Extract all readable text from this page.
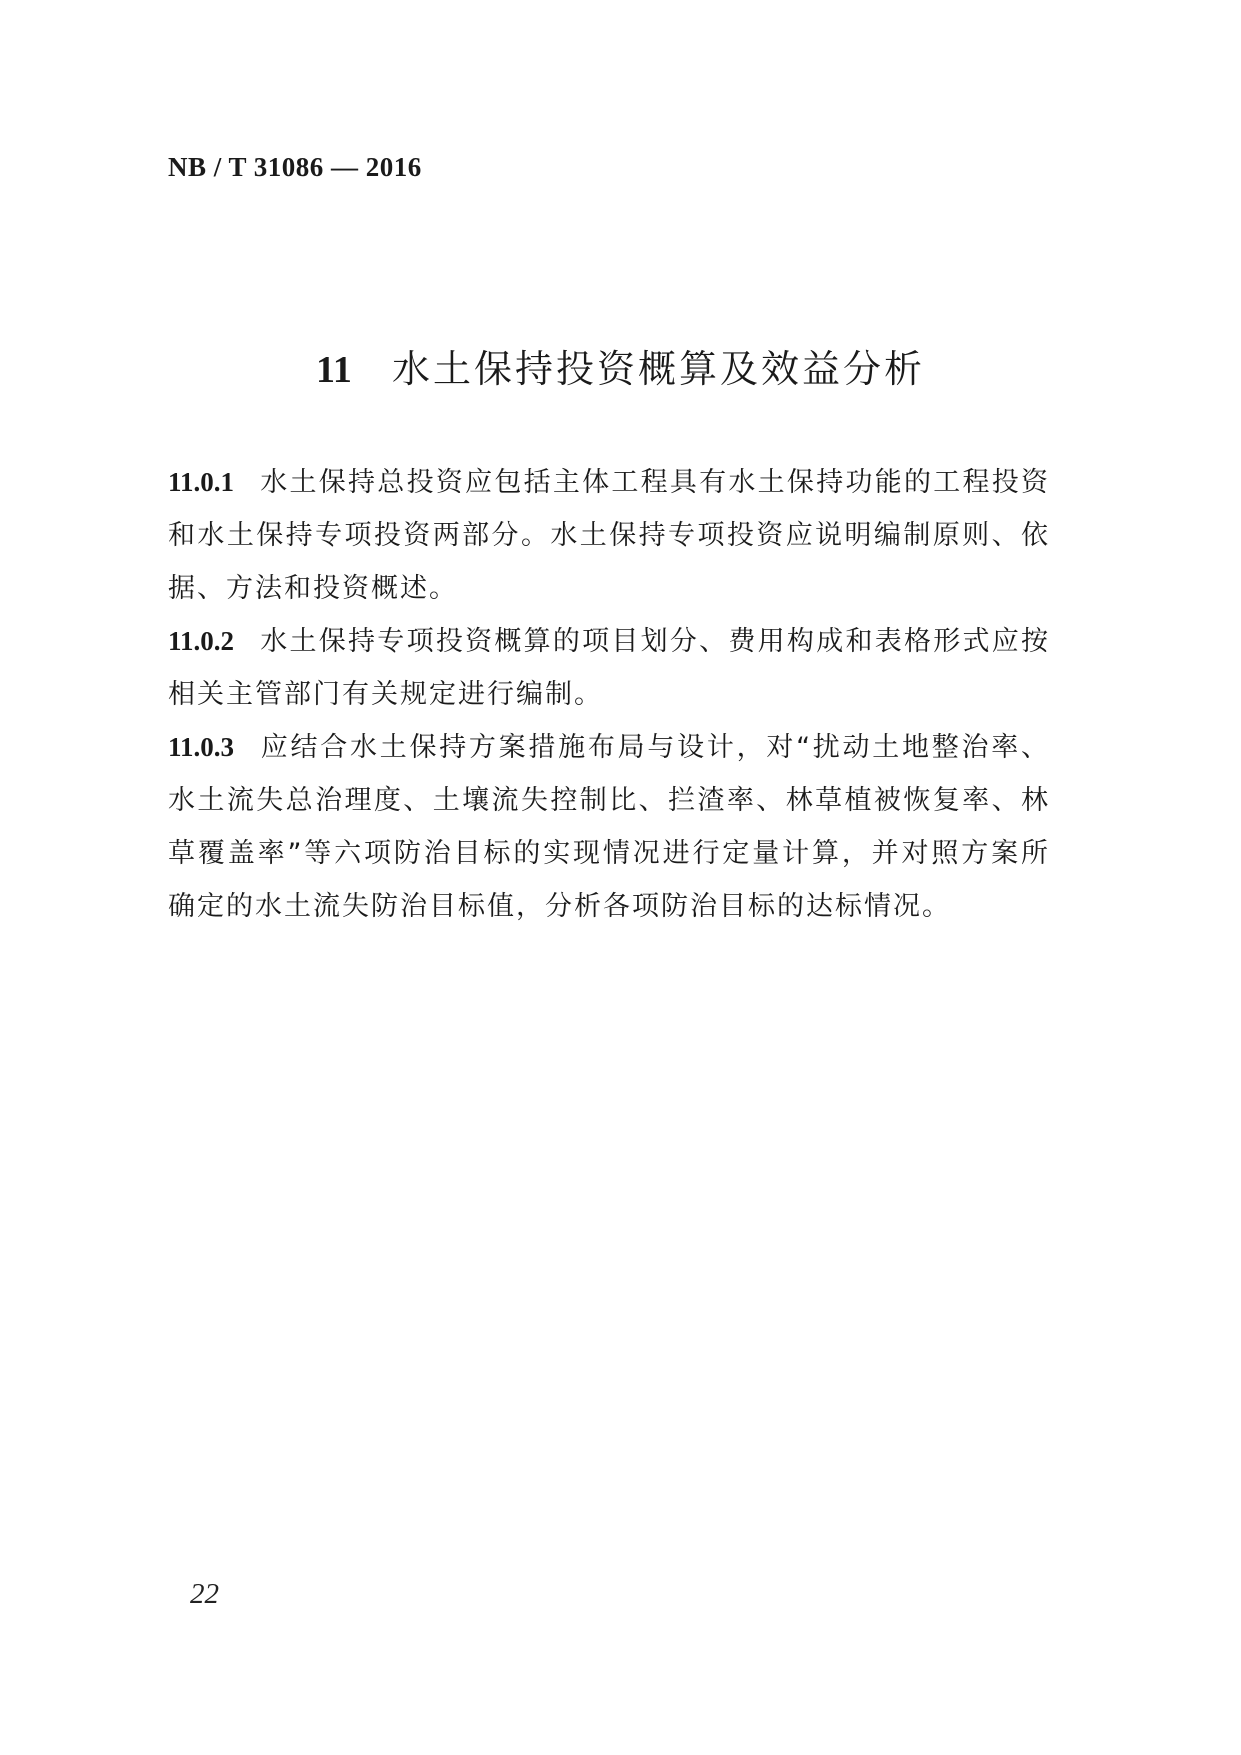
NB / T 31086 — 2016
11 水土保持投资概算及效益分析

11.0.1 水土保持总投资应包括主体工程具有水土保持功能的工程投资和水土保持专项投资两部分。水土保持专项投资应说明编制原则、依据、方法和投资概述。

11.0.2 水土保持专项投资概算的项目划分、费用构成和表格形式应按相关主管部门有关规定进行编制。

11.0.3 应结合水土保持方案措施布局与设计，对“扰动土地整治率、水土流失总治理度、土壤流失控制比、拦渣率、林草植被恢复率、林草覆盖率”等六项防治目标的实现情况进行定量计算，并对照方案所确定的水土流失防治目标值，分析各项防治目标的达标情况。

22
